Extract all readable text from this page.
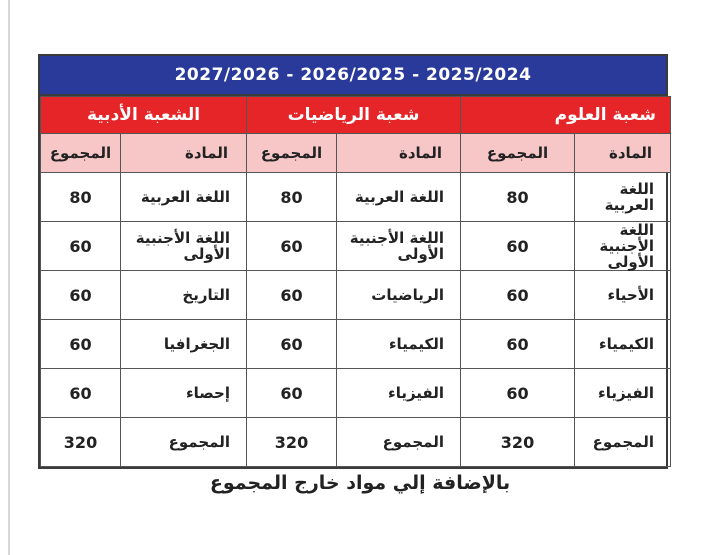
2027/2026 - 2026/2025 - 2025/2024
شعبة العلوم		شعبة الرياضيات		الشعبة الأدبية	
المادة	المجموع	المادة	المجموع	المادة	المجموع
اللغة العربية	80	اللغة العربية	80	اللغة العربية	80
اللغة الأجنبية الأولى	60	اللغة الأجنبية الأولى	60	اللغة الأجنبية الأولى	60
الأحياء	60	الرياضيات	60	التاريخ	60
الكيمياء	60	الكيمياء	60	الجغرافيا	60
الفيزياء	60	الفيزياء	60	إحصاء	60
المجموع	320	المجموع	320	المجموع	320
بالإضافة إلي مواد خارج المجموع
